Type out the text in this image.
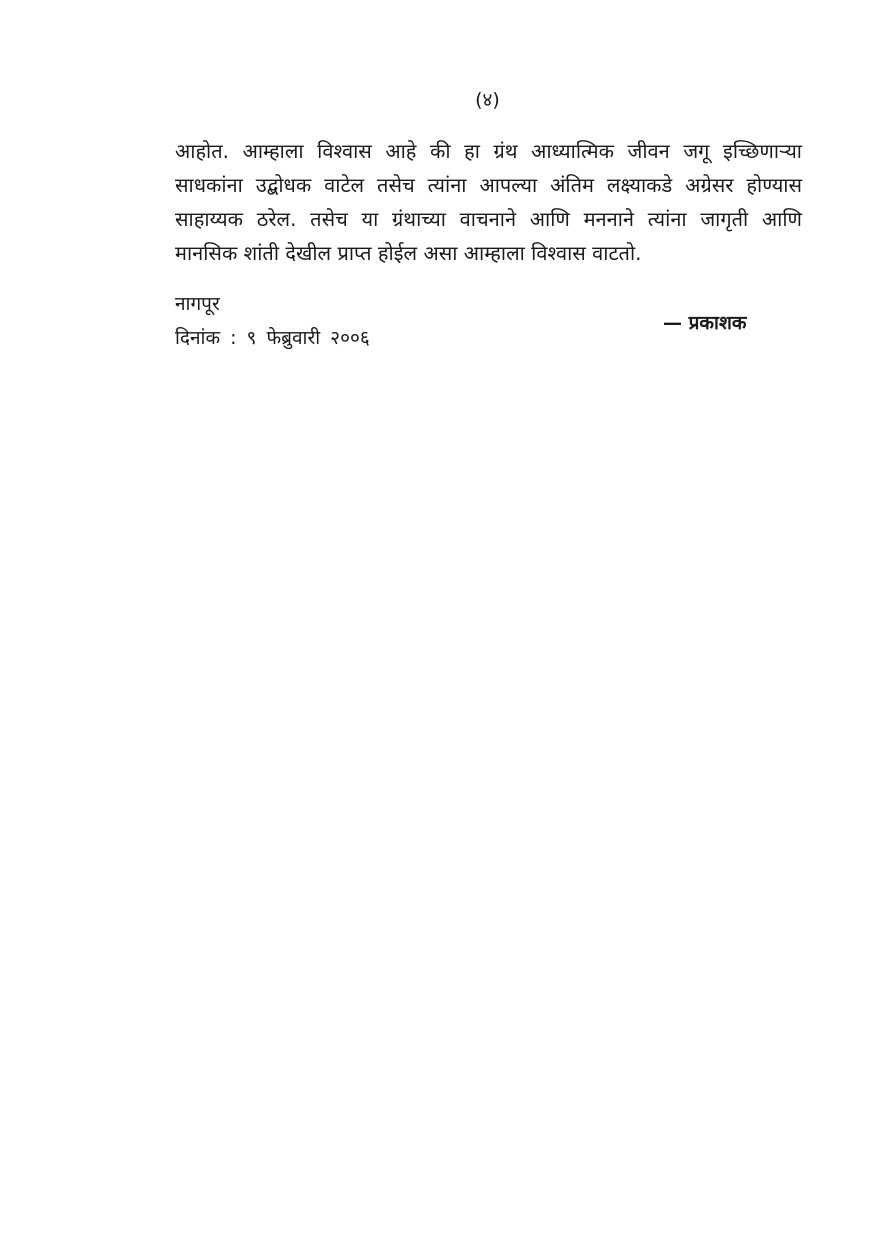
(४)
आहोत. आम्हाला विश्वास आहे की हा ग्रंथ आध्यात्मिक जीवन जगू इच्छिणाऱ्या
साधकांना उद्बोधक वाटेल तसेच त्यांना आपल्या अंतिम लक्ष्याकडे अग्रेसर होण्यास
साहाय्यक ठरेल. तसेच या ग्रंथाच्या वाचनाने आणि मननाने त्यांना जागृती आणि
मानसिक शांती देखील प्राप्त होईल असा आम्हाला विश्वास वाटतो.
नागपूर
दिनांक : ९ फेब्रुवारी २००६
— प्रकाशक
